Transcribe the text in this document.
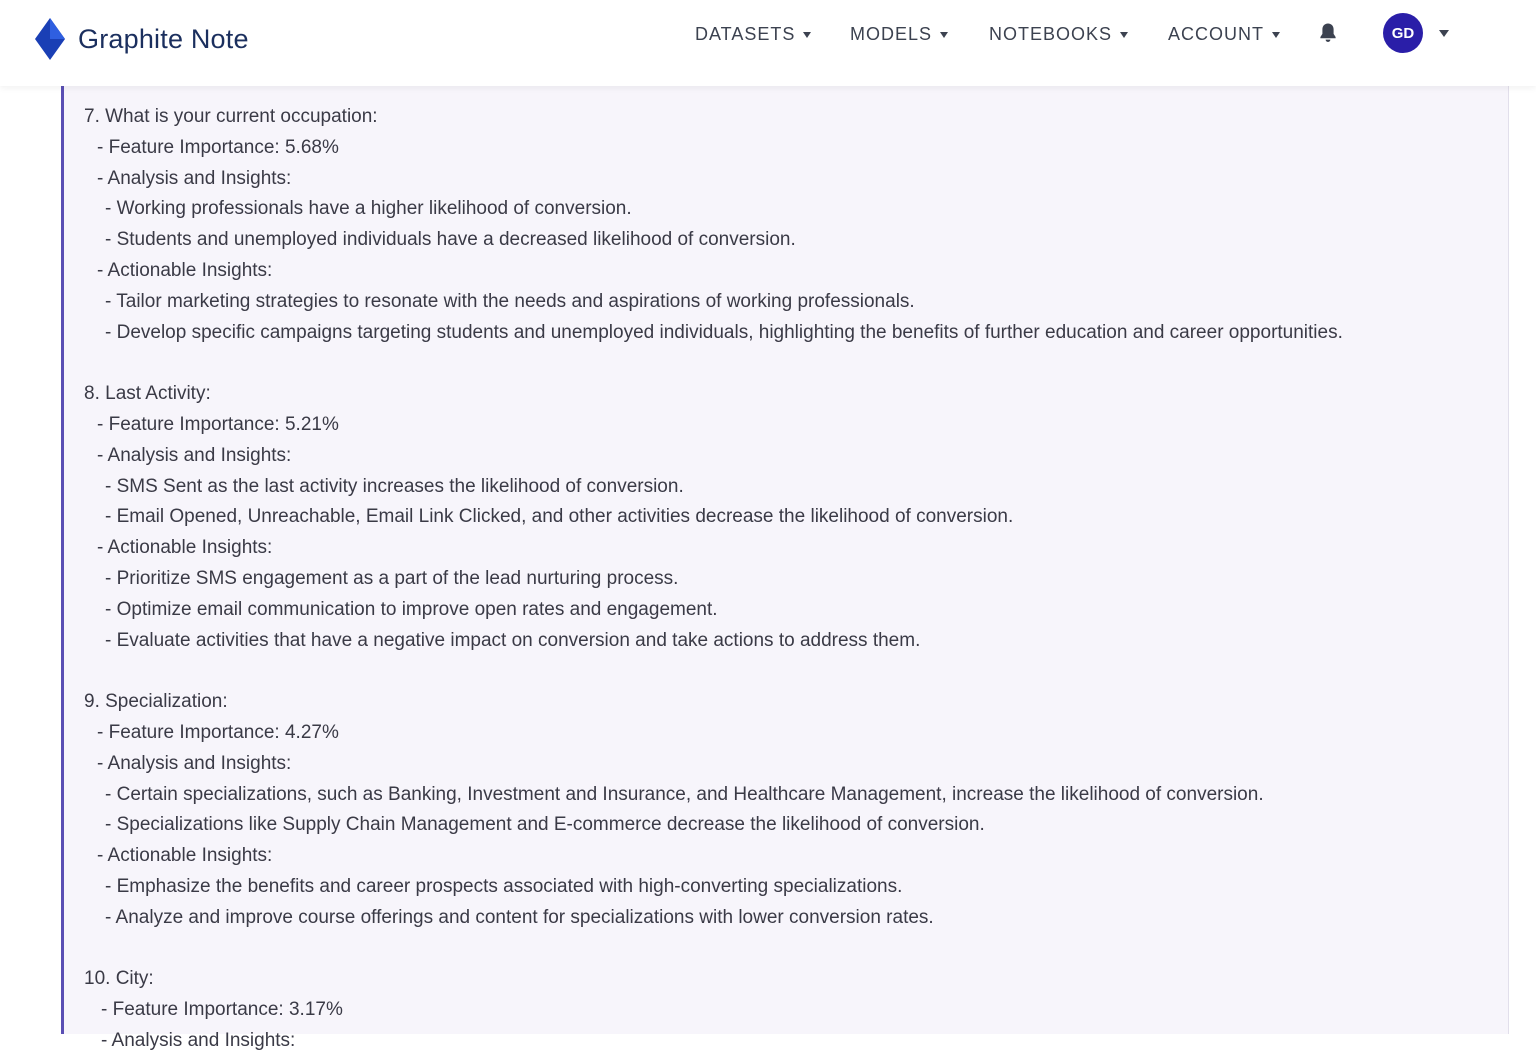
Graphite Note	DATASETS	MODELS	NOTEBOOKS	ACCOUNT	GD
7. What is your current occupation:
- Feature Importance: 5.68%
- Analysis and Insights:
- Working professionals have a higher likelihood of conversion.
- Students and unemployed individuals have a decreased likelihood of conversion.
- Actionable Insights:
- Tailor marketing strategies to resonate with the needs and aspirations of working professionals.
- Develop specific campaigns targeting students and unemployed individuals, highlighting the benefits of further education and career opportunities.
8. Last Activity:
- Feature Importance: 5.21%
- Analysis and Insights:
- SMS Sent as the last activity increases the likelihood of conversion.
- Email Opened, Unreachable, Email Link Clicked, and other activities decrease the likelihood of conversion.
- Actionable Insights:
- Prioritize SMS engagement as a part of the lead nurturing process.
- Optimize email communication to improve open rates and engagement.
- Evaluate activities that have a negative impact on conversion and take actions to address them.
9. Specialization:
- Feature Importance: 4.27%
- Analysis and Insights:
- Certain specializations, such as Banking, Investment and Insurance, and Healthcare Management, increase the likelihood of conversion.
- Specializations like Supply Chain Management and E-commerce decrease the likelihood of conversion.
- Actionable Insights:
- Emphasize the benefits and career prospects associated with high-converting specializations.
- Analyze and improve course offerings and content for specializations with lower conversion rates.
10. City:
- Feature Importance: 3.17%
- Analysis and Insights:
